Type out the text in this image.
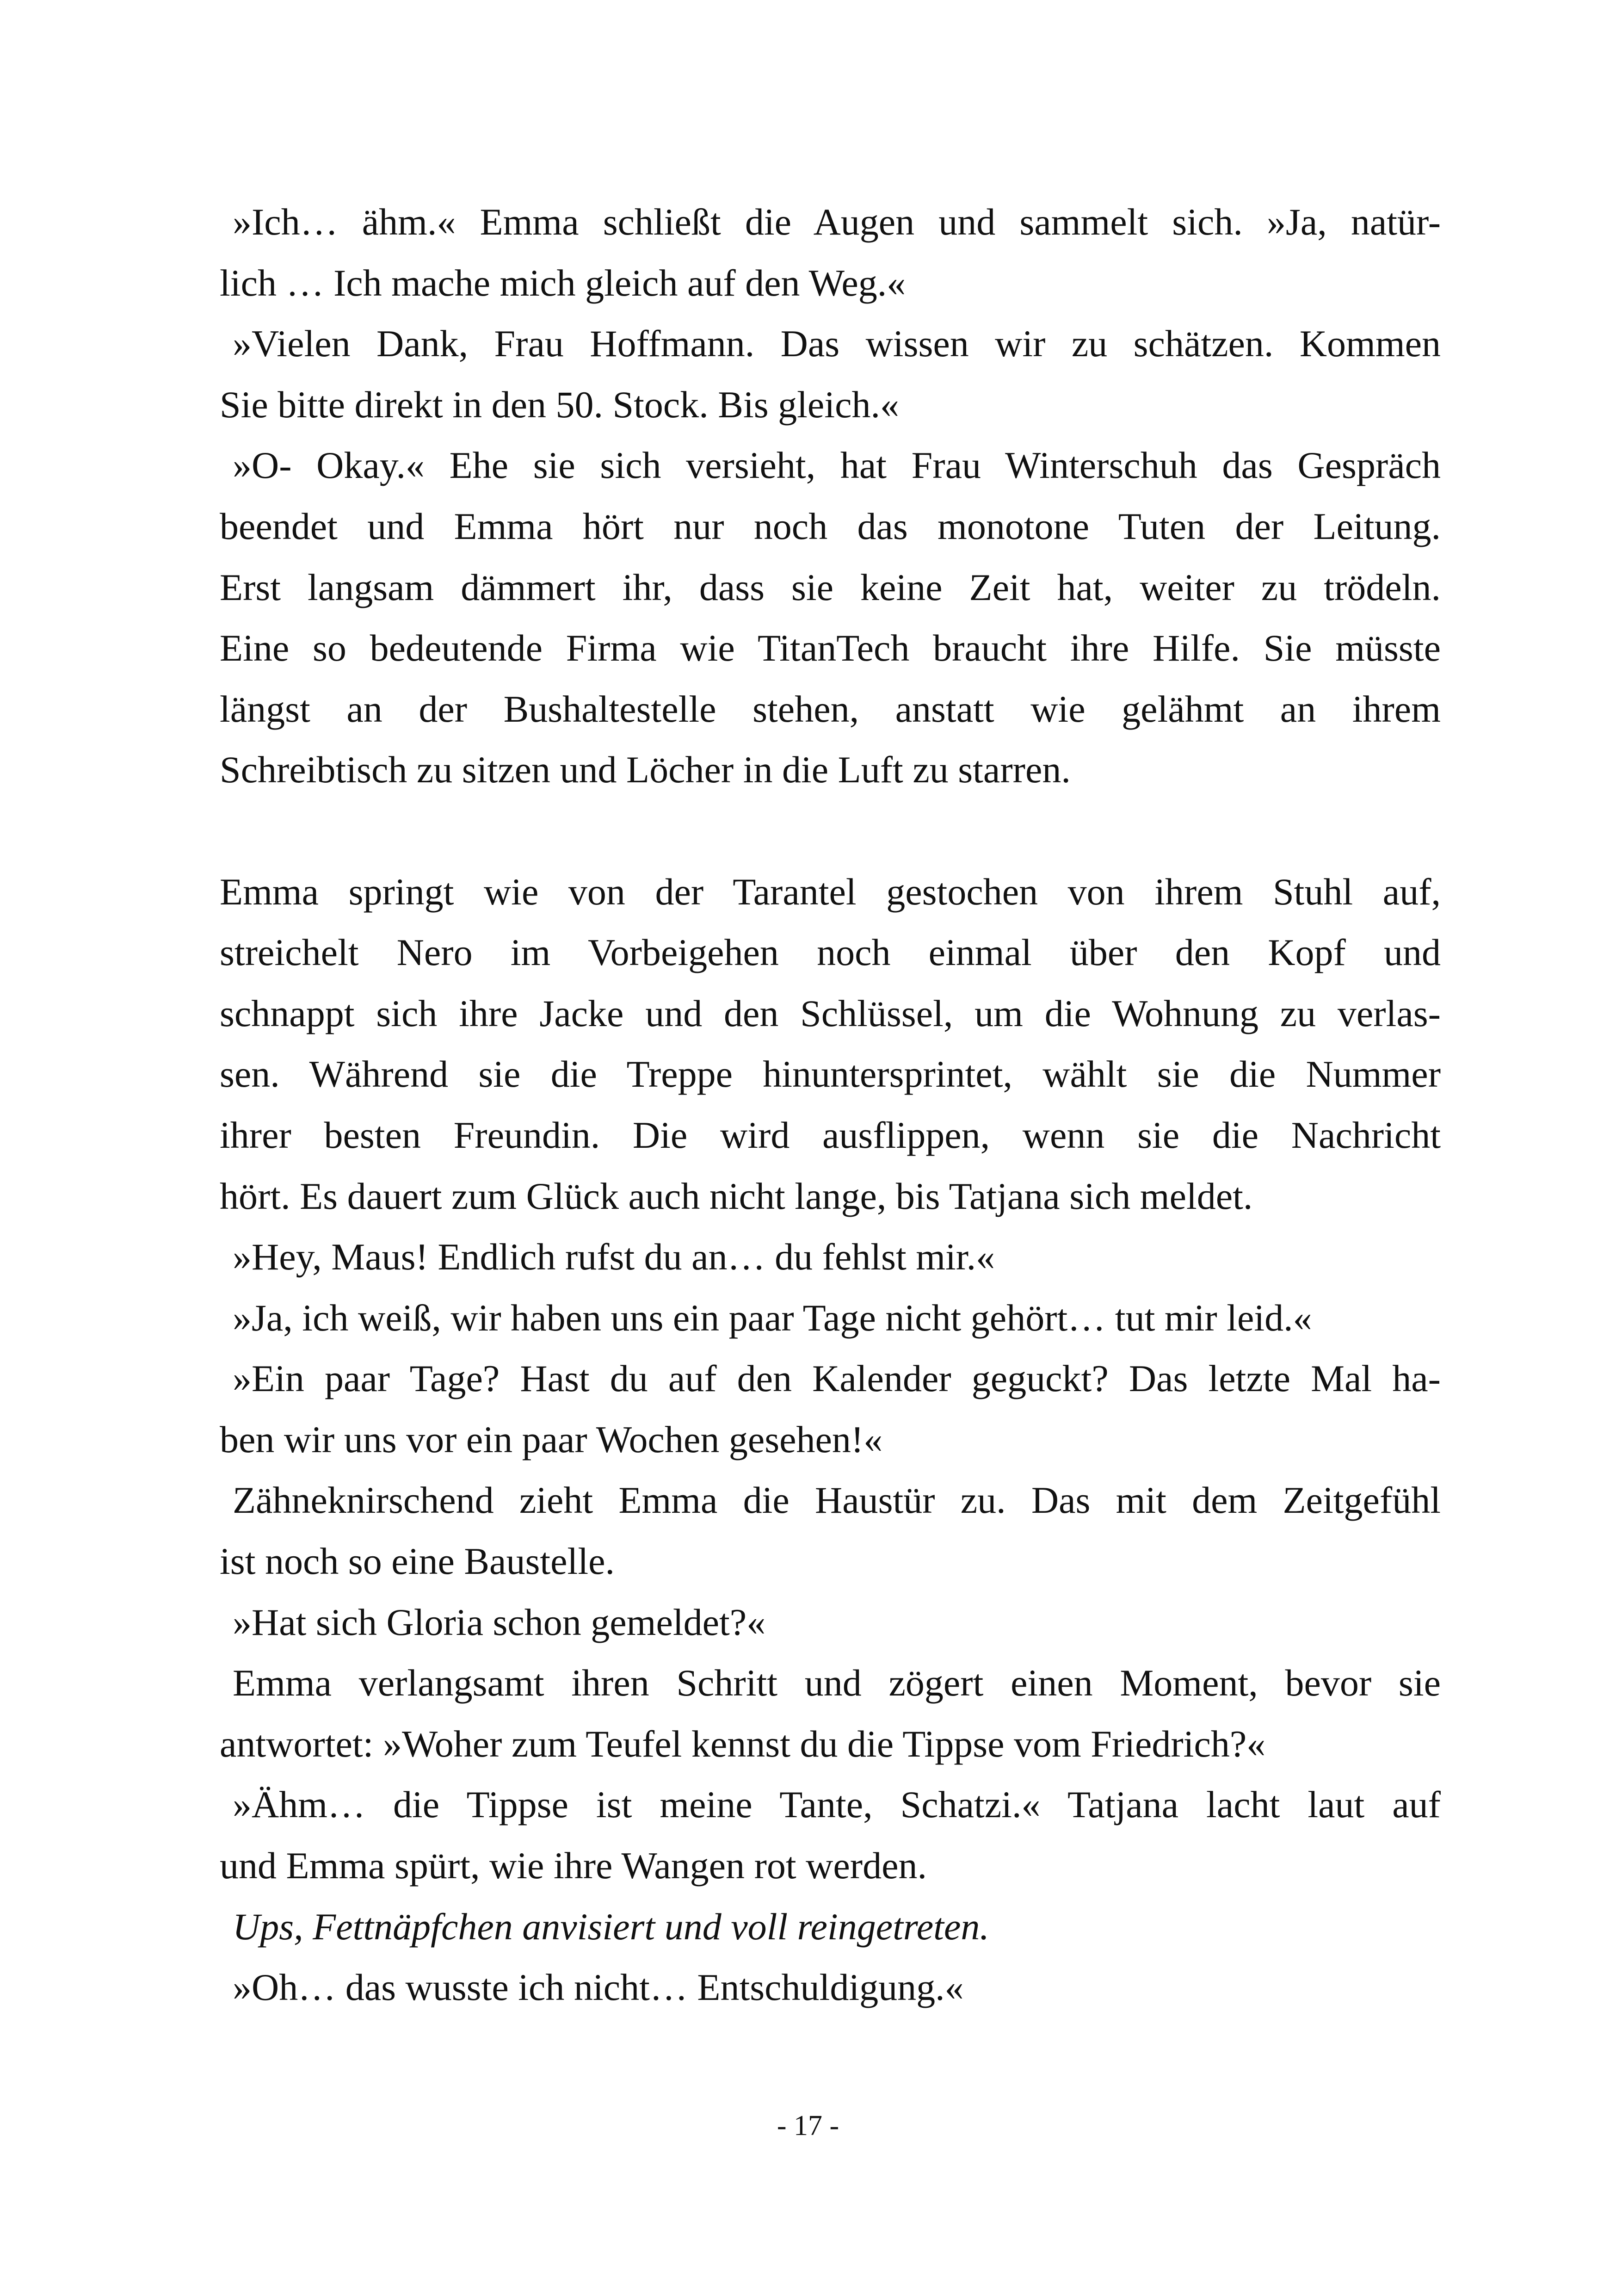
»Ich… ähm.« Emma schließt die Augen und sammelt sich. »Ja, natür-
lich … Ich mache mich gleich auf den Weg.«
»Vielen Dank, Frau Hoffmann. Das wissen wir zu schätzen. Kommen
Sie bitte direkt in den 50. Stock. Bis gleich.«
»O- Okay.« Ehe sie sich versieht, hat Frau Winterschuh das Gespräch
beendet und Emma hört nur noch das monotone Tuten der Leitung.
Erst langsam dämmert ihr, dass sie keine Zeit hat, weiter zu trödeln.
Eine so bedeutende Firma wie TitanTech braucht ihre Hilfe. Sie müsste
längst an der Bushaltestelle stehen, anstatt wie gelähmt an ihrem
Schreibtisch zu sitzen und Löcher in die Luft zu starren.
Emma springt wie von der Tarantel gestochen von ihrem Stuhl auf,
streichelt Nero im Vorbeigehen noch einmal über den Kopf und
schnappt sich ihre Jacke und den Schlüssel, um die Wohnung zu verlas-
sen. Während sie die Treppe hinuntersprintet, wählt sie die Nummer
ihrer besten Freundin. Die wird ausflippen, wenn sie die Nachricht
hört. Es dauert zum Glück auch nicht lange, bis Tatjana sich meldet.
»Hey, Maus! Endlich rufst du an… du fehlst mir.«
»Ja, ich weiß, wir haben uns ein paar Tage nicht gehört… tut mir leid.«
»Ein paar Tage? Hast du auf den Kalender geguckt? Das letzte Mal ha-
ben wir uns vor ein paar Wochen gesehen!«
Zähneknirschend zieht Emma die Haustür zu. Das mit dem Zeitgefühl
ist noch so eine Baustelle.
»Hat sich Gloria schon gemeldet?«
Emma verlangsamt ihren Schritt und zögert einen Moment, bevor sie
antwortet: »Woher zum Teufel kennst du die Tippse vom Friedrich?«
»Ähm… die Tippse ist meine Tante, Schatzi.« Tatjana lacht laut auf
und Emma spürt, wie ihre Wangen rot werden.
Ups, Fettnäpfchen anvisiert und voll reingetreten.
»Oh… das wusste ich nicht… Entschuldigung.«
- 17 -
